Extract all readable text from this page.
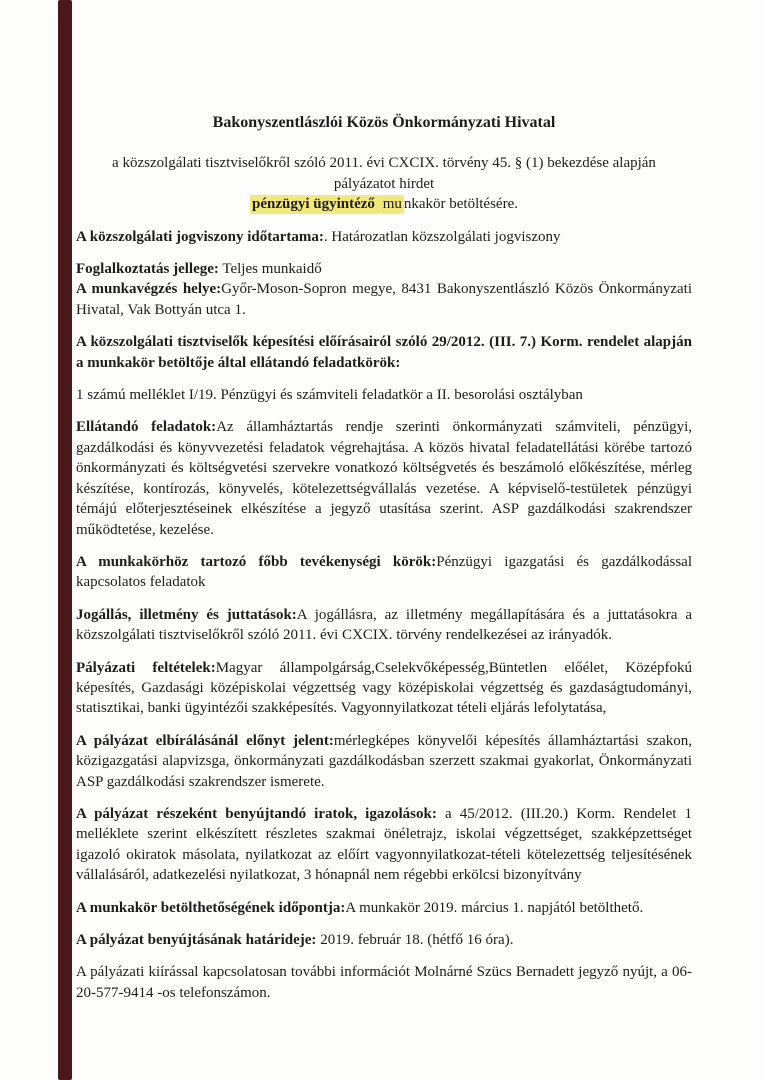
Bakonyszentlászlói Közös Önkormányzati Hivatal

a közszolgálati tisztviselőkről szóló 2011. évi CXCIX. törvény 45. § (1) bekezdése alapján

pályázatot hirdet

pénzügyi ügyintéző mu nkakör betöltésére.

A közszolgálati jogviszony időtartama:. Határozatlan közszolgálati jogviszony

Foglalkoztatás jellege: Teljes munkaidő

A munkavégzés helye:Győr-Moson-Sopron megye, 8431 Bakonyszentlászló Közös Önkormányzati Hivatal, Vak Bottyán utca 1.

A közszolgálati tisztviselők képesítési előírásairól szóló 29/2012. (III. 7.) Korm. rendelet alapján a munkakör betöltője által ellátandó feladatkörök:

1 számú melléklet I/19. Pénzügyi és számviteli feladatkör a II. besorolási osztályban

Ellátandó feladatok:Az államháztartás rendje szerinti önkormányzati számviteli, pénzügyi, gazdálkodási és könyvvezetési feladatok végrehajtása. A közös hivatal feladatellátási körébe tartozó önkormányzati és költségvetési szervekre vonatkozó költségvetés és beszámoló előkészítése, mérleg készítése, kontírozás, könyvelés, kötelezettségvállalás vezetése. A képviselő-testületek pénzügyi témájú előterjesztéseinek elkészítése a jegyző utasítása szerint. ASP gazdálkodási szakrendszer működtetése, kezelése.

A munkakörhöz tartozó főbb tevékenységi körök:Pénzügyi igazgatási és gazdálkodással kapcsolatos feladatok

Jogállás, illetmény és juttatások:A jogállásra, az illetmény megállapítására és a juttatásokra a közszolgálati tisztviselőkről szóló 2011. évi CXCIX. törvény rendelkezései az irányadók.

Pályázati feltételek:Magyar állampolgárság,Cselekvőképesség,Büntetlen előélet, Középfokú képesítés, Gazdasági középiskolai végzettség vagy középiskolai végzettség és gazdaságtudományi, statisztikai, banki ügyintézői szakképesítés. Vagyonnyilatkozat tételi eljárás lefolytatása,

A pályázat elbírálásánál előnyt jelent:mérlegképes könyvelői képesítés államháztartási szakon, közigazgatási alapvizsga, önkormányzati gazdálkodásban szerzett szakmai gyakorlat, Önkormányzati ASP gazdálkodási szakrendszer ismerete.

A pályázat részeként benyújtandó iratok, igazolások: a 45/2012. (III.20.) Korm. Rendelet 1 melléklete szerint elkészített részletes szakmai önéletrajz, iskolai végzettséget, szakképzettséget igazoló okiratok másolata, nyilatkozat az előírt vagyonnyilatkozat-tételi kötelezettség teljesítésének vállalásáról, adatkezelési nyilatkozat, 3 hónapnál nem régebbi erkölcsi bizonyítvány

A munkakör betölthetőségének időpontja:A munkakör 2019. március 1. napjától betölthető.

A pályázat benyújtásának határideje: 2019. február 18. (hétfő 16 óra).

A pályázati kiírással kapcsolatosan további információt Molnárné Szücs Bernadett jegyző nyújt, a 06-20-577-9414 -os telefonszámon.
